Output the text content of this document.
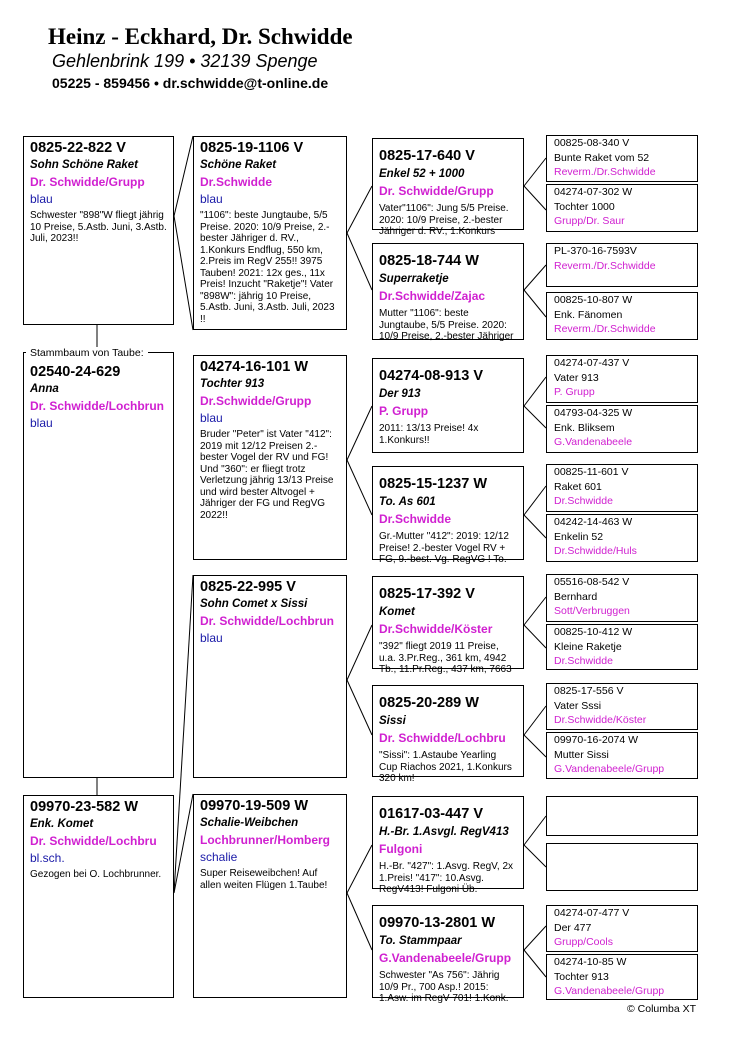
Heinz - Eckhard, Dr. Schwidde
Gehlenbrink 199 • 32139 Spenge
05225 - 859456 • dr.schwidde@t-online.de
0825-22-822 V
Sohn Schöne Raket
Dr. Schwidde/Grupp
blau
Schwester "898"W fliegt jährig 10 Preise, 5.Astb. Juni, 3.Astb. Juli, 2023!!
02540-24-629
Anna
Dr. Schwidde/Lochbrun
blau
Stammbaum von Taube:
09970-23-582 W
Enk. Komet
Dr. Schwidde/Lochbru
bl.sch.
Gezogen bei O. Lochbrunner.
0825-19-1106 V
Schöne Raket
Dr.Schwidde
blau
"1106": beste Jungtaube, 5/5 Preise. 2020: 10/9 Preise, 2.-bester Jähriger d. RV., 1.Konkurs Endflug, 550 km, 2.Preis im RegV 255!! 3975 Tauben! 2021: 12x ges., 11x Preis! Inzucht "Raketje"! Vater "898W": jährig 10 Preise, 5.Astb. Juni, 3.Astb. Juli, 2023 !!
04274-16-101 W
Tochter 913
Dr.Schwidde/Grupp
blau
Bruder "Peter" ist Vater "412": 2019 mit 12/12 Preisen 2.-bester Vogel der RV und FG! Und "360": er fliegt trotz Verletzung jährig 13/13 Preise und wird bester Altvogel + Jähriger der FG und RegVG 2022!!
0825-22-995 V
Sohn Comet x Sissi
Dr. Schwidde/Lochbrun
blau
09970-19-509 W
Schalie-Weibchen
Lochbrunner/Homberg
schalie
Super Reiseweibchen! Auf allen weiten Flügen 1.Taube!
0825-17-640 V
Enkel 52 + 1000
Dr. Schwidde/Grupp
Vater"1106": Jung 5/5 Preise. 2020: 10/9 Preise, 2.-bester Jähriger d. RV., 1.Konkurs
0825-18-744 W
Superraketje
Dr.Schwidde/Zajac
Mutter "1106": beste Jungtaube, 5/5 Preise. 2020: 10/9 Preise, 2.-bester Jähriger
04274-08-913 V
Der 913
P. Grupp
2011: 13/13 Preise! 4x 1.Konkurs!!
0825-15-1237 W
To. As 601
Dr.Schwidde
Gr.-Mutter "412": 2019: 12/12 Preise! 2.-bester Vogel RV + FG, 9.-best. Vg. RegVG ! To.
0825-17-392 V
Komet
Dr.Schwidde/Köster
"392" fliegt 2019 11 Preise, u.a. 3.Pr.Reg., 361 km, 4942 Tb., 11.Pr.Reg., 437 km, 7663
0825-20-289 W
Sissi
Dr. Schwidde/Lochbru
"Sissi": 1.Astaube Yearling Cup Riachos 2021, 1.Konkurs 320 km!
01617-03-447 V
H.-Br. 1.Asvgl. RegV413
Fulgoni
H.-Br. "427": 1.Asvg. RegV, 2x 1.Preis! "417": 10.Asvg. RegV413! Fulgoni Üb.
09970-13-2801 W
To. Stammpaar
G.Vandenabeele/Grupp
Schwester "As 756": Jährig 10/9 Pr., 700 Asp.! 2015: 1.Asw. im RegV 701! 1.Konk.
00825-08-340 V
Bunte Raket vom 52
Reverm./Dr.Schwidde
04274-07-302 W
Tochter 1000
Grupp/Dr. Saur
PL-370-16-7593V
Reverm./Dr.Schwidde
00825-10-807 W
Enk. Fänomen
Reverm./Dr.Schwidde
04274-07-437 V
Vater 913
P. Grupp
04793-04-325 W
Enk. Bliksem
G.Vandenabeele
00825-11-601 V
Raket 601
Dr.Schwidde
04242-14-463 W
Enkelin 52
Dr.Schwidde/Huls
05516-08-542 V
Bernhard
Sott/Verbruggen
00825-10-412 W
Kleine Raketje
Dr.Schwidde
0825-17-556 V
Vater Sssi
Dr.Schwidde/Köster
09970-16-2074 W
Mutter Sissi
G.Vandenabeele/Grupp
04274-07-477 V
Der 477
Grupp/Cools
04274-10-85 W
Tochter 913
G.Vandenabeele/Grupp
© Columba XT
